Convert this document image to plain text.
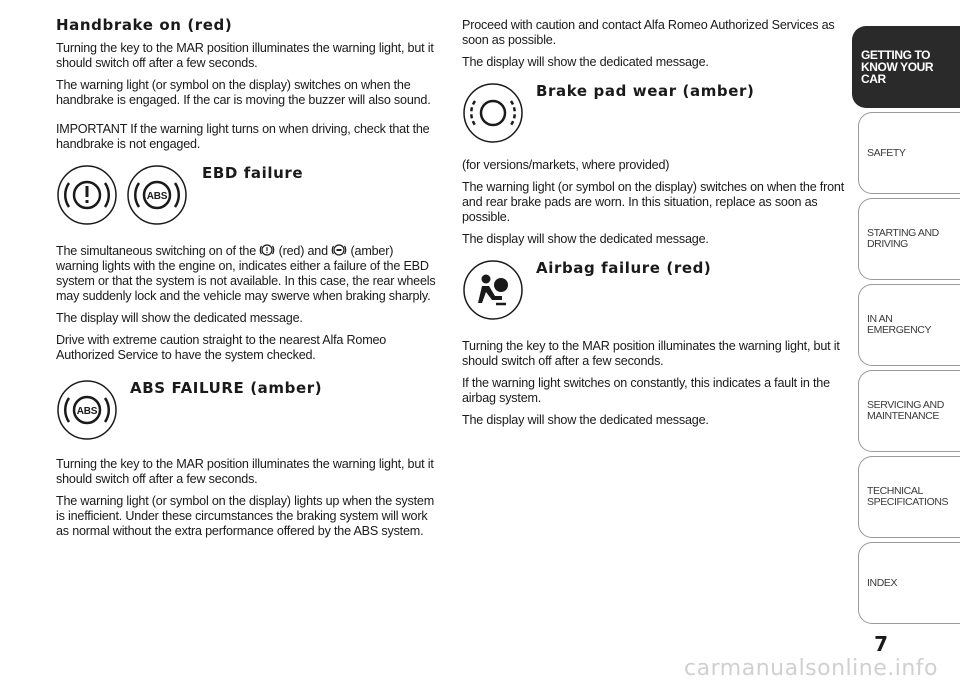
Handbrake on (red)

Turning the key to the MAR position illuminates the warning light, but it should switch off after a few seconds.

The warning light (or symbol on the display) switches on when the handbrake is engaged. If the car is moving the buzzer will also sound.

IMPORTANT If the warning light turns on when driving, check that the handbrake is not engaged.

ABS
EBD failure

The simultaneous switching on of the  (red) and  (amber) warning lights with the engine on, indicates either a failure of the EBD system or that the system is not available. In this case, the rear wheels may suddenly lock and the vehicle may swerve when braking sharply.

The display will show the dedicated message.

Drive with extreme caution straight to the nearest Alfa Romeo Authorized Service to have the system checked.

ABS
ABS FAILURE (amber)

Turning the key to the MAR position illuminates the warning light, but it should switch off after a few seconds.

The warning light (or symbol on the display) lights up when the system is inefficient. Under these circumstances the braking system will work as normal without the extra performance offered by the ABS system.

Proceed with caution and contact Alfa Romeo Authorized Services as soon as possible.

The display will show the dedicated message.

Brake pad wear (amber)

(for versions/markets, where provided)

The warning light (or symbol on the display) switches on when the front and rear brake pads are worn. In this situation, replace as soon as possible.

The display will show the dedicated message.

Airbag failure (red)

Turning the key to the MAR position illuminates the warning light, but it should switch off after a few seconds.

If the warning light switches on constantly, this indicates a fault in the airbag system.

The display will show the dedicated message.

GETTING TO KNOW YOUR CAR
SAFETY
STARTING AND DRIVING
IN AN EMERGENCY
SERVICING AND MAINTENANCE
TECHNICAL SPECIFICATIONS
INDEX
7
carmanualsonline.info
